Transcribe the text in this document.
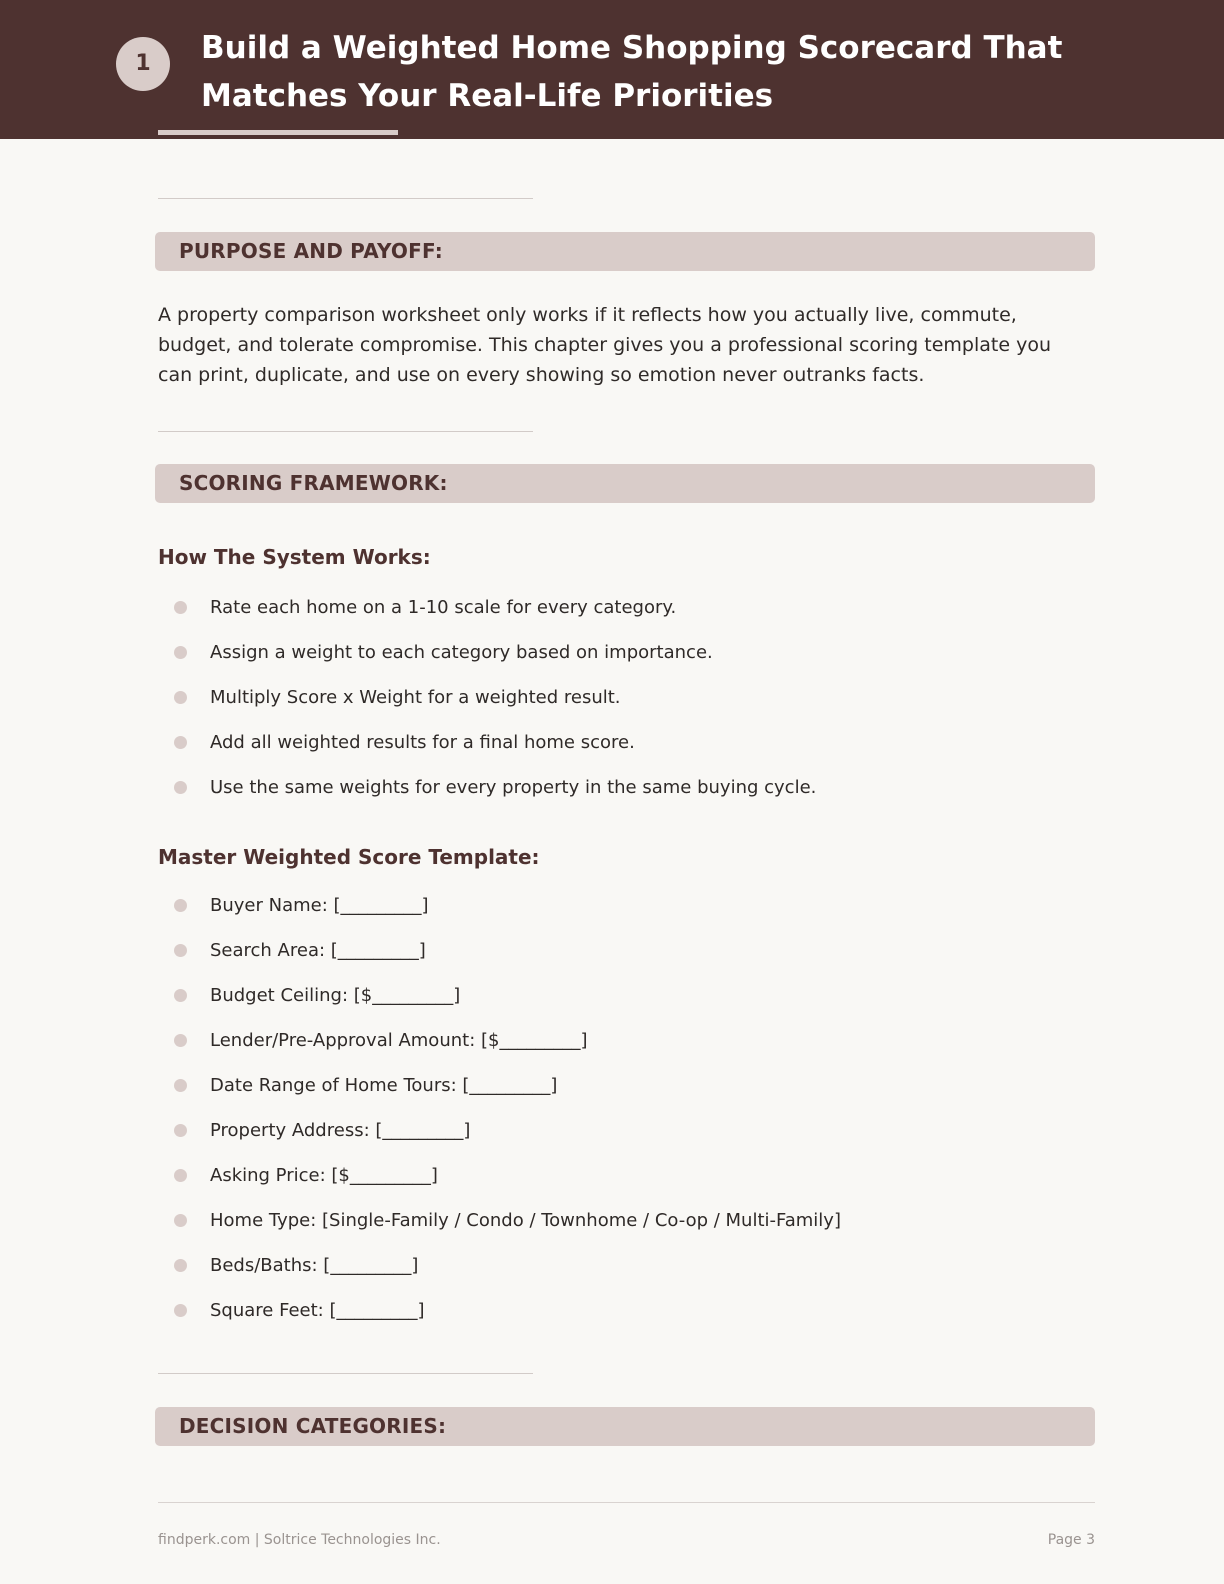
1	Build a Weighted Home Shopping Scorecard That Matches Your Real-Life Priorities
PURPOSE AND PAYOFF:

A property comparison worksheet only works if it reflects how you actually live, commute, budget, and tolerate compromise. This chapter gives you a professional scoring template you can print, duplicate, and use on every showing so emotion never outranks facts.

SCORING FRAMEWORK:
How The System Works:
Rate each home on a 1-10 scale for every category.
Assign a weight to each category based on importance.
Multiply Score x Weight for a weighted result.
Add all weighted results for a final home score.
Use the same weights for every property in the same buying cycle.
Master Weighted Score Template:
Buyer Name: [_________]
Search Area: [_________]
Budget Ceiling: [$_________]
Lender/Pre-Approval Amount: [$_________]
Date Range of Home Tours: [_________]
Property Address: [_________]
Asking Price: [$_________]
Home Type: [Single-Family / Condo / Townhome / Co-op / Multi-Family]
Beds/Baths: [_________]
Square Feet: [_________]
DECISION CATEGORIES:
findperk.com | Soltrice Technologies Inc.	Page 3
